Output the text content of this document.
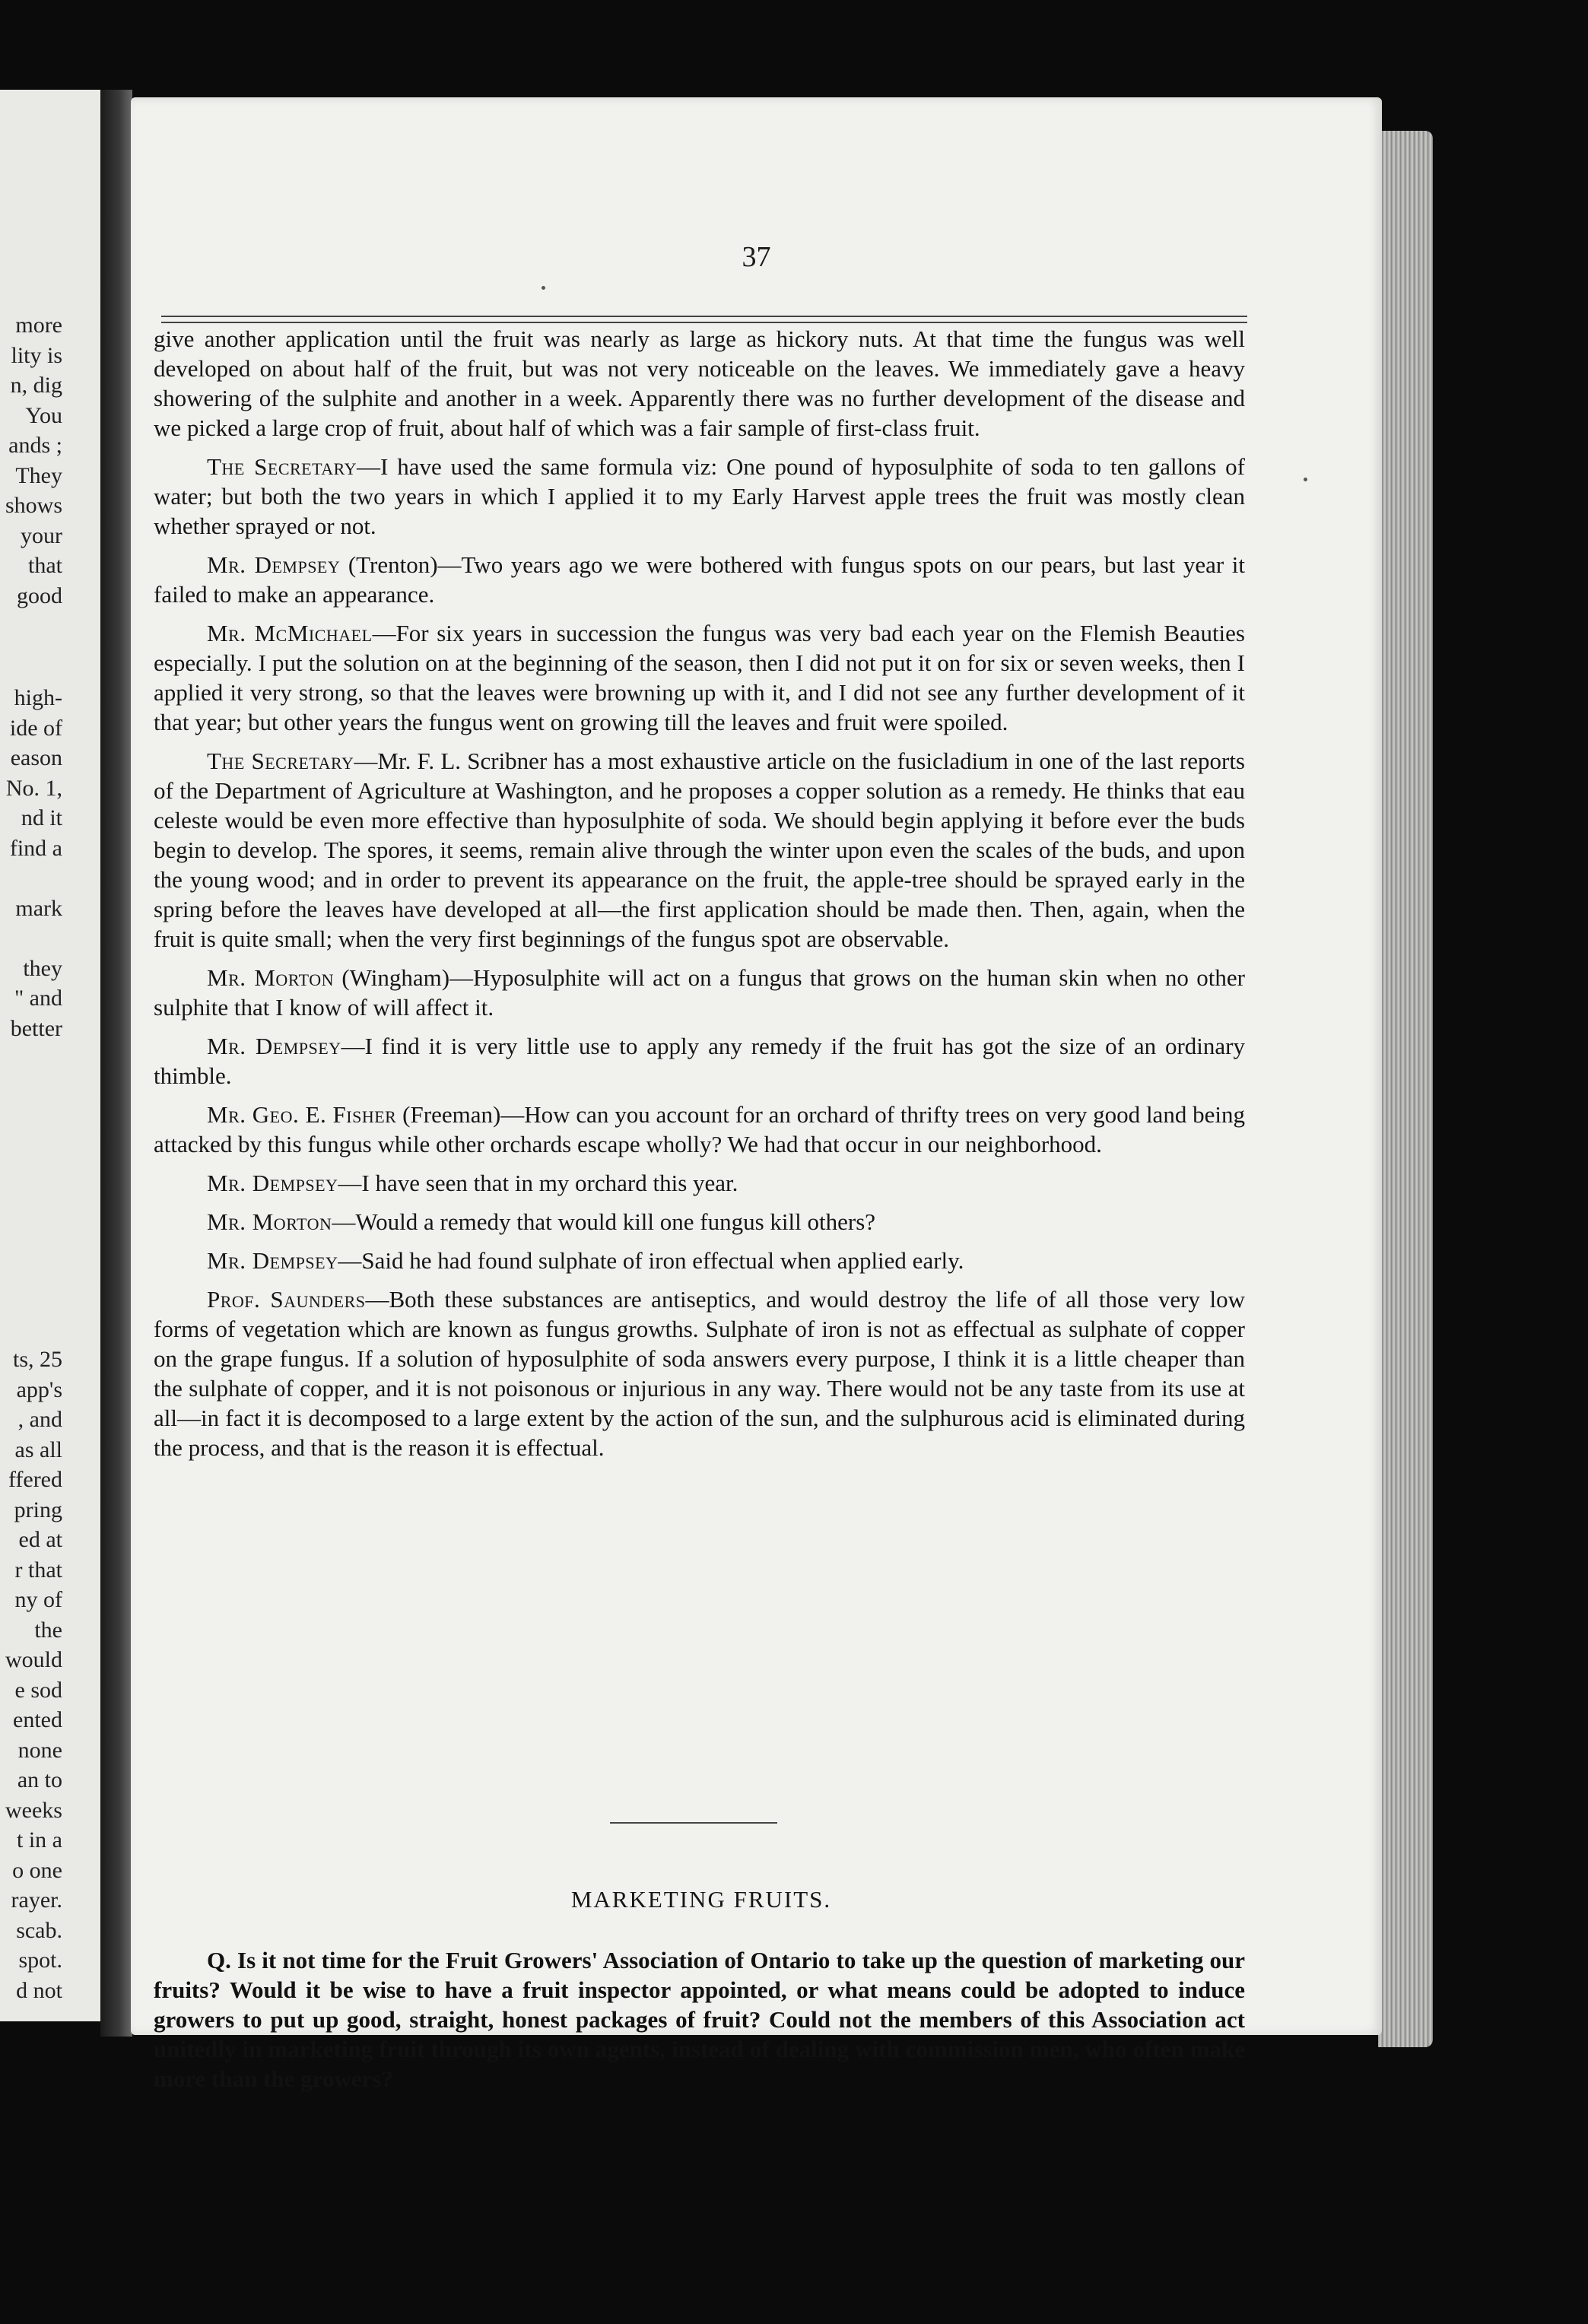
more
lity is
n, dig
You
ands ;
They
shows
your
that
good
high-
ide of
eason
No. 1,
nd it
find a
mark
they
" and
better
ts, 25
app's
, and
as all
ffered
pring
ed at
r that
ny of
the
would
e sod
ented
none
an to
weeks
t in a
o one
rayer.
scab.
spot.
d not
37

give another application until the fruit was nearly as large as hickory nuts. At that time the fungus was well developed on about half of the fruit, but was not very noticeable on the leaves. We immediately gave a heavy showering of the sulphite and another in a week. Apparently there was no further development of the disease and we picked a large crop of fruit, about half of which was a fair sample of first-class fruit.

The Secretary—I have used the same formula viz: One pound of hyposulphite of soda to ten gallons of water; but both the two years in which I applied it to my Early Harvest apple trees the fruit was mostly clean whether sprayed or not.

Mr. Dempsey (Trenton)—Two years ago we were bothered with fungus spots on our pears, but last year it failed to make an appearance.

Mr. McMichael—For six years in succession the fungus was very bad each year on the Flemish Beauties especially. I put the solution on at the beginning of the season, then I did not put it on for six or seven weeks, then I applied it very strong, so that the leaves were browning up with it, and I did not see any further development of it that year; but other years the fungus went on growing till the leaves and fruit were spoiled.

The Secretary—Mr. F. L. Scribner has a most exhaustive article on the fusicladium in one of the last reports of the Department of Agriculture at Washington, and he proposes a copper solution as a remedy. He thinks that eau celeste would be even more effective than hyposulphite of soda. We should begin applying it before ever the buds begin to develop. The spores, it seems, remain alive through the winter upon even the scales of the buds, and upon the young wood; and in order to prevent its appearance on the fruit, the apple-tree should be sprayed early in the spring before the leaves have developed at all—the first application should be made then. Then, again, when the fruit is quite small; when the very first beginnings of the fungus spot are observable.

Mr. Morton (Wingham)—Hyposulphite will act on a fungus that grows on the human skin when no other sulphite that I know of will affect it.

Mr. Dempsey—I find it is very little use to apply any remedy if the fruit has got the size of an ordinary thimble.

Mr. Geo. E. Fisher (Freeman)—How can you account for an orchard of thrifty trees on very good land being attacked by this fungus while other orchards escape wholly? We had that occur in our neighborhood.

Mr. Dempsey—I have seen that in my orchard this year.

Mr. Morton—Would a remedy that would kill one fungus kill others?

Mr. Dempsey—Said he had found sulphate of iron effectual when applied early.

Prof. Saunders—Both these substances are antiseptics, and would destroy the life of all those very low forms of vegetation which are known as fungus growths. Sulphate of iron is not as effectual as sulphate of copper on the grape fungus. If a solution of hyposulphite of soda answers every purpose, I think it is a little cheaper than the sulphate of copper, and it is not poisonous or injurious in any way. There would not be any taste from its use at all—in fact it is decomposed to a large extent by the action of the sun, and the sulphurous acid is eliminated during the process, and that is the reason it is effectual.

MARKETING FRUITS.

Q. Is it not time for the Fruit Growers' Association of Ontario to take up the question of marketing our fruits? Would it be wise to have a fruit inspector appointed, or what means could be adopted to induce growers to put up good, straight, honest packages of fruit? Could not the members of this Association act unitedly in marketing fruit through its own agents, instead of dealing with commission men, who often make more than the growers?
